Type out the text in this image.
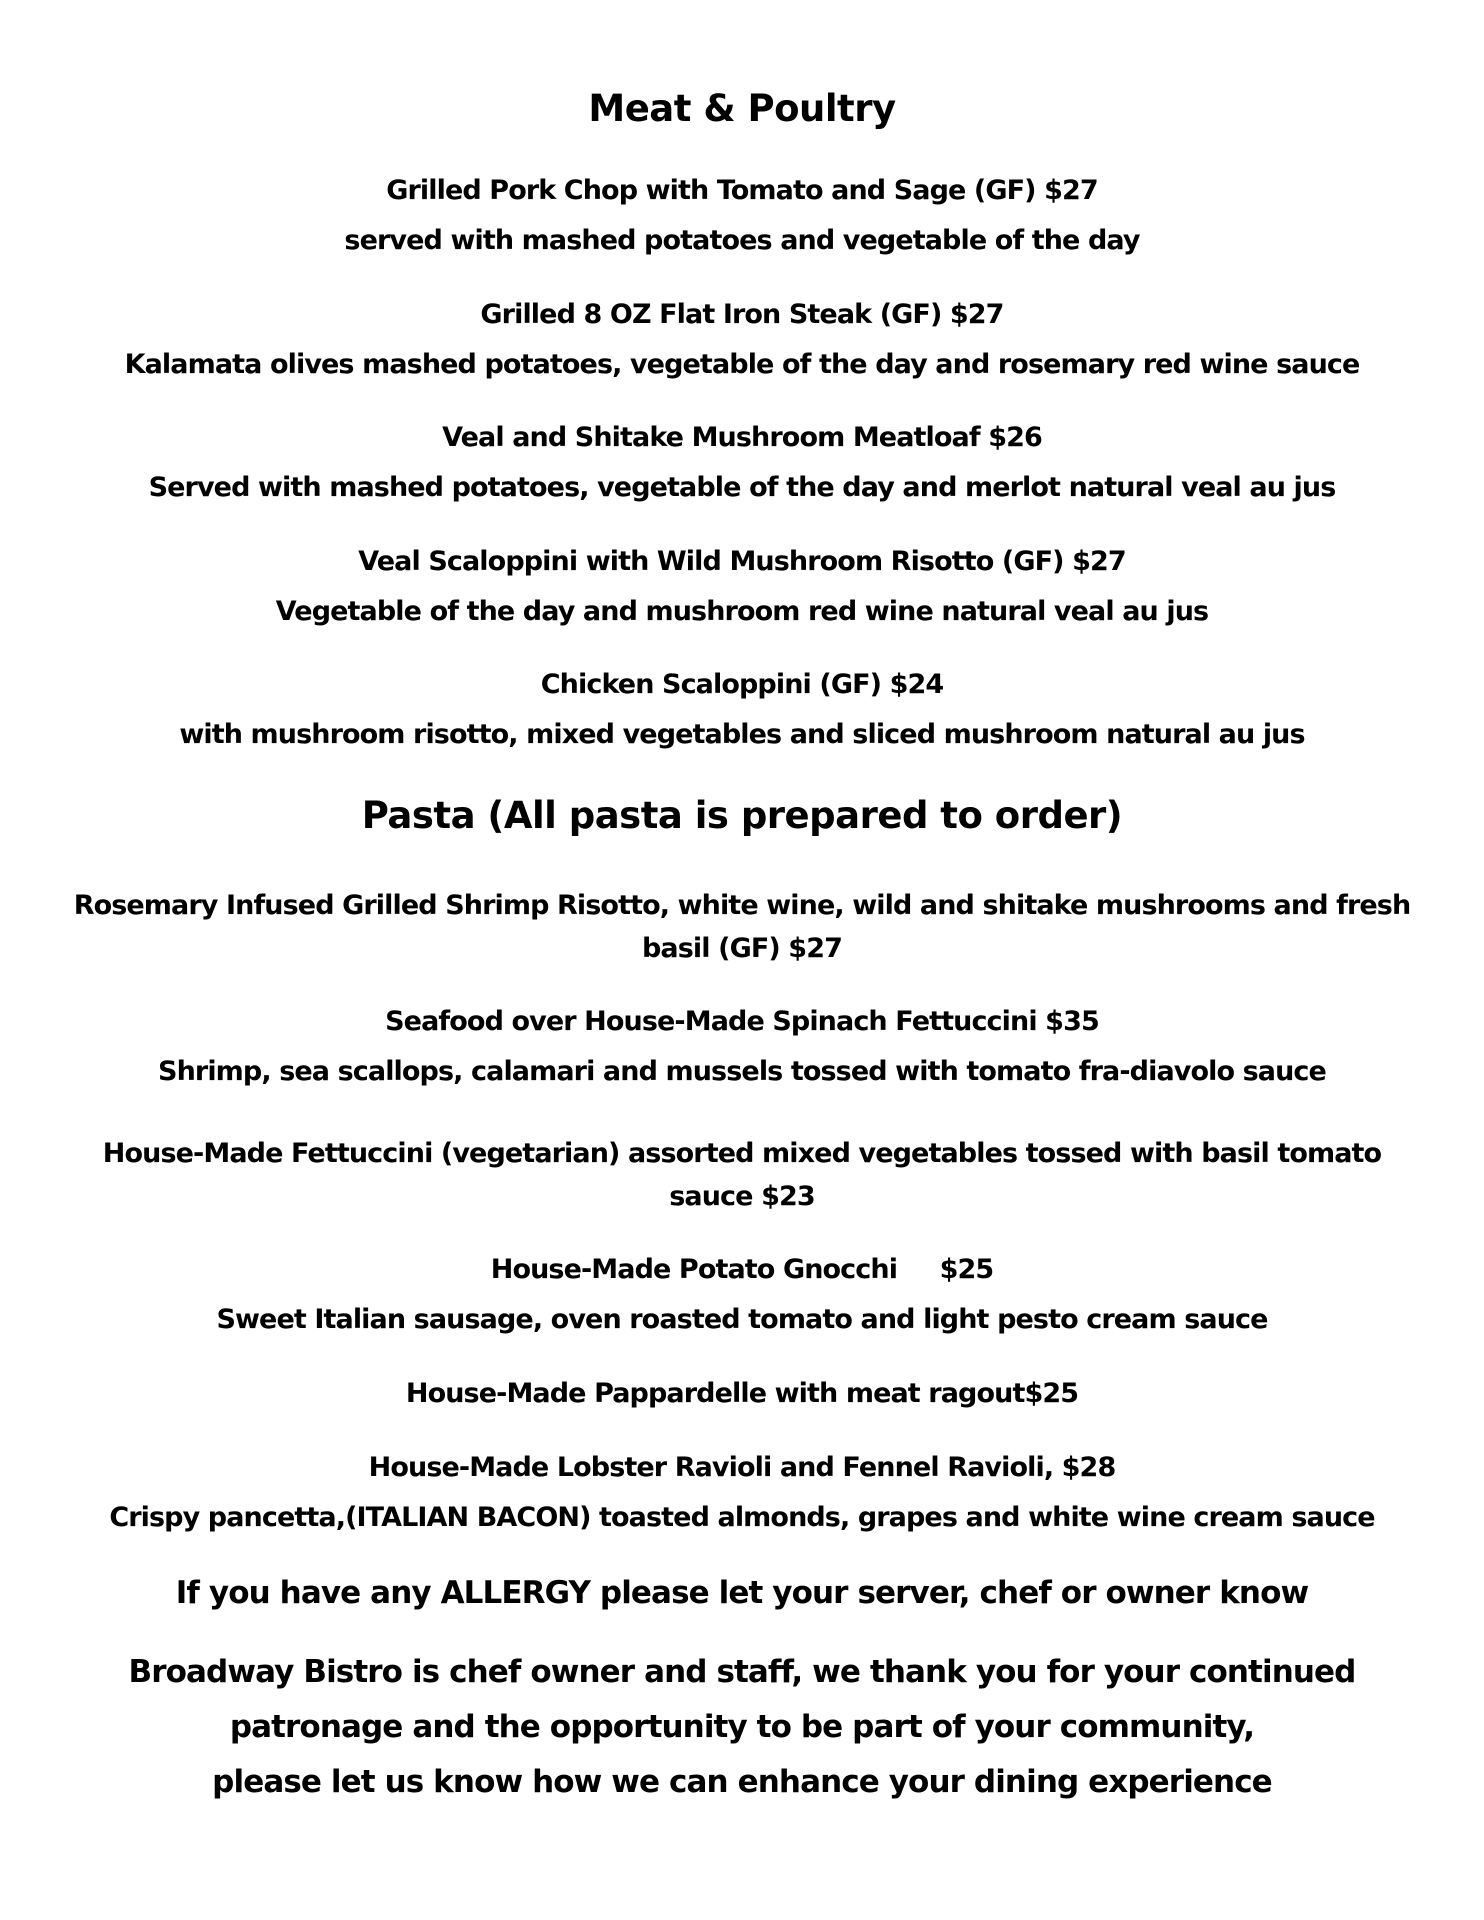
Meat & Poultry
Grilled Pork Chop with Tomato and Sage (GF) $27
served with mashed potatoes and vegetable of the day
Grilled 8 OZ Flat Iron Steak (GF) $27
Kalamata olives mashed potatoes, vegetable of the day and rosemary red wine sauce
Veal and Shitake Mushroom Meatloaf $26
Served with mashed potatoes, vegetable of the day and merlot natural veal au jus
Veal Scaloppini with Wild Mushroom Risotto (GF) $27
Vegetable of the day and mushroom red wine natural veal au jus
Chicken Scaloppini (GF) $24
with mushroom risotto, mixed vegetables and sliced mushroom natural au jus
Pasta (All pasta is prepared to order)
Rosemary Infused Grilled Shrimp Risotto, white wine, wild and shitake mushrooms and fresh
basil (GF) $27
Seafood over House-Made Spinach Fettuccini $35
Shrimp, sea scallops, calamari and mussels tossed with tomato fra-diavolo sauce
House-Made Fettuccini (vegetarian) assorted mixed vegetables tossed with basil tomato
sauce $23
House-Made Potato Gnocchi     $25
Sweet Italian sausage, oven roasted tomato and light pesto cream sauce
House-Made Pappardelle with meat ragout$25
House-Made Lobster Ravioli and Fennel Ravioli, $28
Crispy pancetta,(ITALIAN BACON) toasted almonds, grapes and white wine cream sauce
If you have any ALLERGY please let your server, chef or owner know
Broadway Bistro is chef owner and staff, we thank you for your continued
patronage and the opportunity to be part of your community,
please let us know how we can enhance your dining experience
